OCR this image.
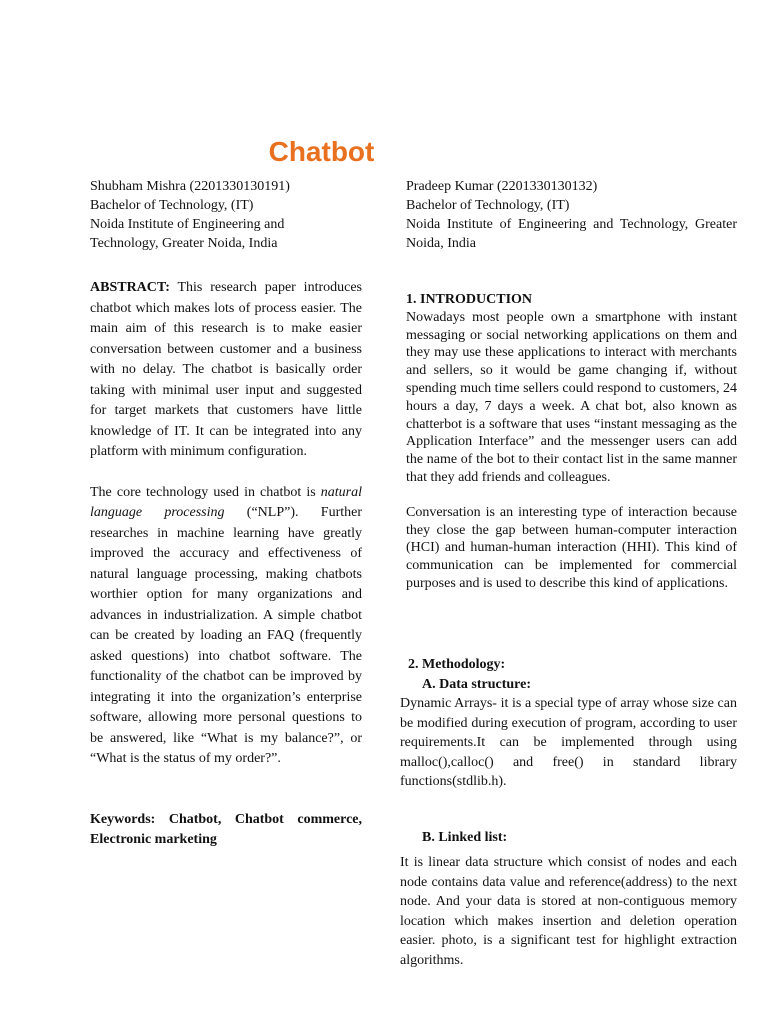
Chatbot
Shubham Mishra (2201330130191)
Bachelor of Technology, (IT)
Noida Institute of Engineering and
Technology, Greater Noida, India
Pradeep Kumar (2201330130132)
Bachelor of Technology, (IT)
Noida Institute of Engineering and Technology, Greater Noida, India

ABSTRACT: This research paper introduces chatbot which makes lots of process easier. The main aim of this research is to make easier conversation between customer and a business with no delay. The chatbot is basically order taking with minimal user input and suggested for target markets that customers have little knowledge of IT. It can be integrated into any platform with minimum configuration.

The core technology used in chatbot is natural language processing (“NLP”). Further researches in machine learning have greatly improved the accuracy and effectiveness of natural language processing, making chatbots worthier option for many organizations and advances in industrialization. A simple chatbot can be created by loading an FAQ (frequently asked questions) into chatbot software. The functionality of the chatbot can be improved by integrating it into the organization’s enterprise software, allowing more personal questions to be answered, like “What is my balance?”, or “What is the status of my order?”.

Keywords: Chatbot, Chatbot commerce, Electronic marketing
1. INTRODUCTION

Nowadays most people own a smartphone with instant messaging or social networking applications on them and they may use these applications to interact with merchants and sellers, so it would be game changing if, without spending much time sellers could respond to customers, 24 hours a day, 7 days a week. A chat bot, also known as chatterbot is a software that uses “instant messaging as the Application Interface” and the messenger users can add the name of the bot to their contact list in the same manner that they add friends and colleagues.

Conversation is an interesting type of interaction because they close the gap between human-computer interaction (HCI) and human-human interaction (HHI). This kind of communication can be implemented for commercial purposes and is used to describe this kind of applications.

2. Methodology:
A. Data structure:

Dynamic Arrays- it is a special type of array whose size can be modified during execution of program, according to user requirements.It can be implemented through using malloc(),calloc() and free() in standard library functions(stdlib.h).

B. Linked list:

It is linear data structure which consist of nodes and each node contains data value and reference(address) to the next node. And your data is stored at non-contiguous memory location which makes insertion and deletion operation easier. photo, is a significant test for highlight extraction algorithms.
